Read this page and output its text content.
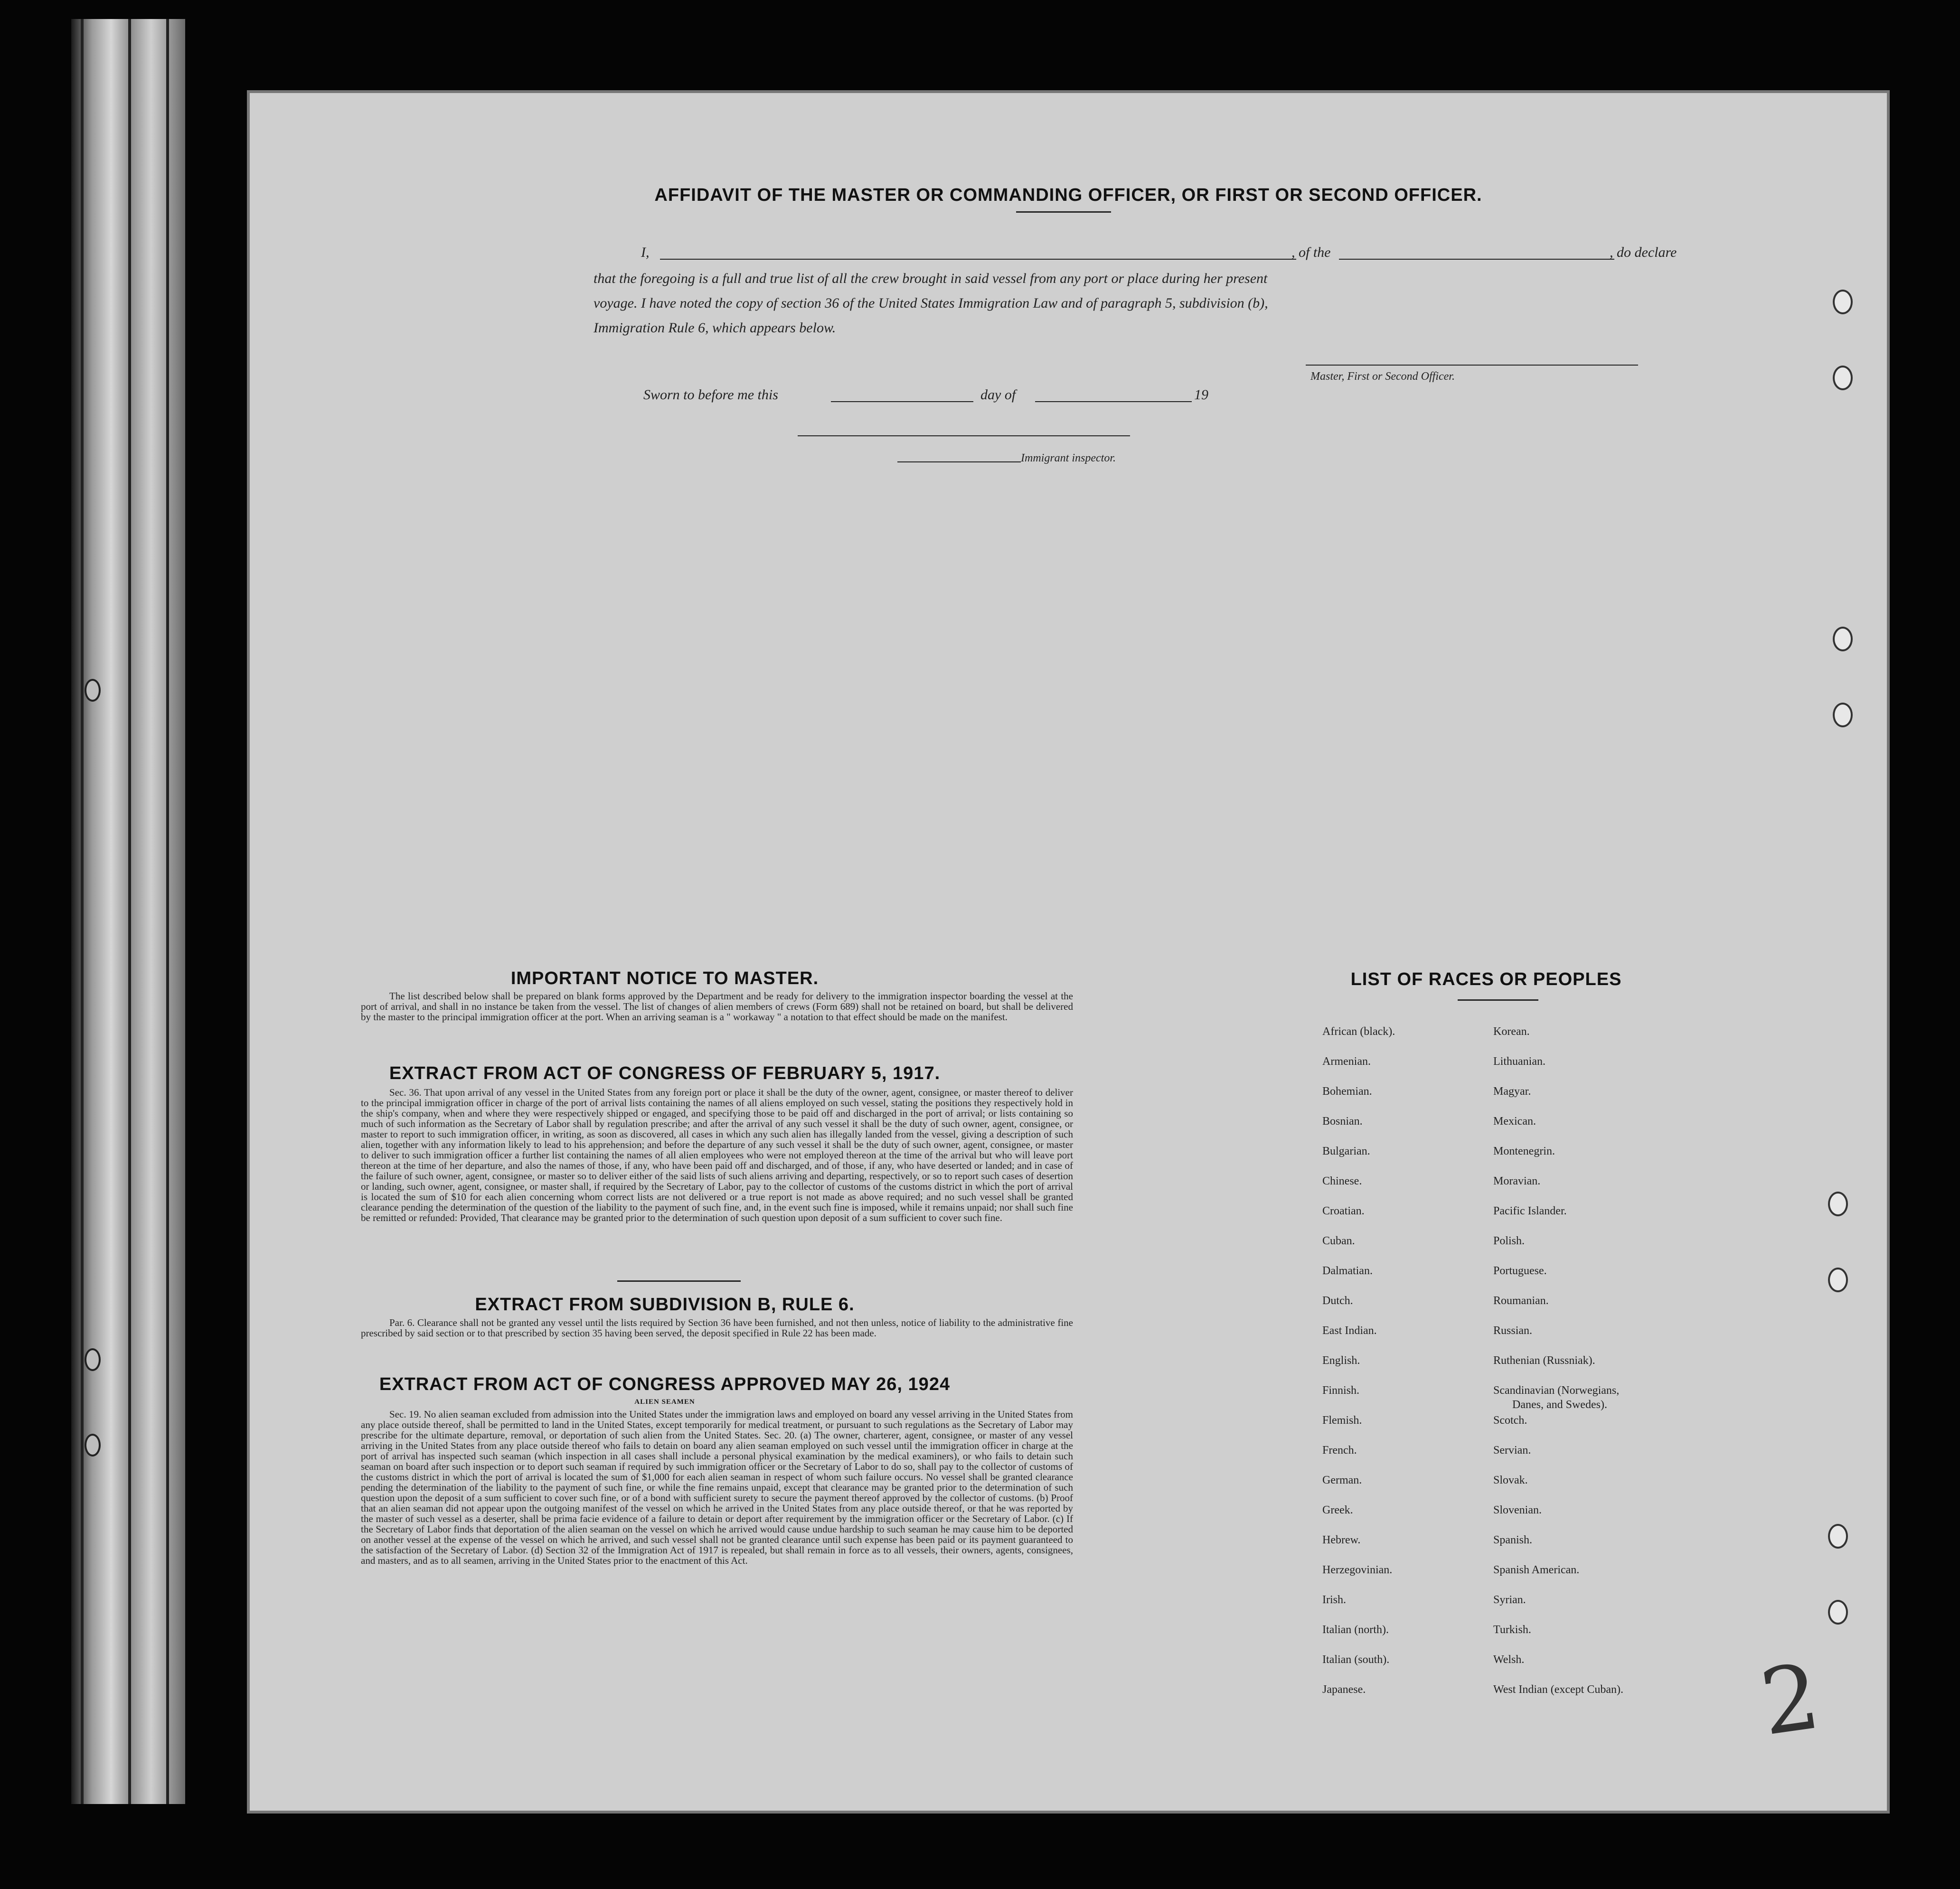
AFFIDAVIT OF THE MASTER OR COMMANDING OFFICER, OR FIRST OR SECOND OFFICER.
I,	, of the	, do declare
that the foregoing is a full and true list of all the crew brought in said vessel from any port or place during her present
voyage. I have noted the copy of section 36 of the United States Immigration Law and of paragraph 5, subdivision (b),
Immigration Rule 6, which appears below.
Master, First or Second Officer.
Sworn to before me this	day of	19
Immigrant inspector.
IMPORTANT NOTICE TO MASTER.
The list described below shall be prepared on blank forms approved by the Department and be ready for delivery to the immigration inspector boarding the vessel at the port of arrival, and shall in no instance be taken from the vessel. The list of changes of alien members of crews (Form 689) shall not be retained on board, but shall be delivered by the master to the principal immigration officer at the port. When an arriving seaman is a " workaway " a notation to that effect should be made on the manifest.
EXTRACT FROM ACT OF CONGRESS OF FEBRUARY 5, 1917.
Sec. 36. That upon arrival of any vessel in the United States from any foreign port or place it shall be the duty of the owner, agent, consignee, or master thereof to deliver to the principal immigration officer in charge of the port of arrival lists containing the names of all aliens employed on such vessel, stating the positions they respectively hold in the ship's company, when and where they were respectively shipped or engaged, and specifying those to be paid off and discharged in the port of arrival; or lists containing so much of such information as the Secretary of Labor shall by regulation prescribe; and after the arrival of any such vessel it shall be the duty of such owner, agent, consignee, or master to report to such immigration officer, in writing, as soon as discovered, all cases in which any such alien has illegally landed from the vessel, giving a description of such alien, together with any information likely to lead to his apprehension; and before the departure of any such vessel it shall be the duty of such owner, agent, consignee, or master to deliver to such immigration officer a further list containing the names of all alien employees who were not employed thereon at the time of the arrival but who will leave port thereon at the time of her departure, and also the names of those, if any, who have been paid off and discharged, and of those, if any, who have deserted or landed; and in case of the failure of such owner, agent, consignee, or master so to deliver either of the said lists of such aliens arriving and departing, respectively, or so to report such cases of desertion or landing, such owner, agent, consignee, or master shall, if required by the Secretary of Labor, pay to the collector of customs of the customs district in which the port of arrival is located the sum of $10 for each alien concerning whom correct lists are not delivered or a true report is not made as above required; and no such vessel shall be granted clearance pending the determination of the question of the liability to the payment of such fine, and, in the event such fine is imposed, while it remains unpaid; nor shall such fine be remitted or refunded: Provided, That clearance may be granted prior to the determination of such question upon deposit of a sum sufficient to cover such fine.
EXTRACT FROM SUBDIVISION B, RULE 6.
Par. 6. Clearance shall not be granted any vessel until the lists required by Section 36 have been furnished, and not then unless, notice of liability to the administrative fine prescribed by said section or to that prescribed by section 35 having been served, the deposit specified in Rule 22 has been made.
EXTRACT FROM ACT OF CONGRESS APPROVED MAY 26, 1924
ALIEN SEAMEN
Sec. 19. No alien seaman excluded from admission into the United States under the immigration laws and employed on board any vessel arriving in the United States from any place outside thereof, shall be permitted to land in the United States, except temporarily for medical treatment, or pursuant to such regulations as the Secretary of Labor may prescribe for the ultimate departure, removal, or deportation of such alien from the United States. Sec. 20. (a) The owner, charterer, agent, consignee, or master of any vessel arriving in the United States from any place outside thereof who fails to detain on board any alien seaman employed on such vessel until the immigration officer in charge at the port of arrival has inspected such seaman (which inspection in all cases shall include a personal physical examination by the medical examiners), or who fails to detain such seaman on board after such inspection or to deport such seaman if required by such immigration officer or the Secretary of Labor to do so, shall pay to the collector of customs of the customs district in which the port of arrival is located the sum of $1,000 for each alien seaman in respect of whom such failure occurs. No vessel shall be granted clearance pending the determination of the liability to the payment of such fine, or while the fine remains unpaid, except that clearance may be granted prior to the determination of such question upon the deposit of a sum sufficient to cover such fine, or of a bond with sufficient surety to secure the payment thereof approved by the collector of customs. (b) Proof that an alien seaman did not appear upon the outgoing manifest of the vessel on which he arrived in the United States from any place outside thereof, or that he was reported by the master of such vessel as a deserter, shall be prima facie evidence of a failure to detain or deport after requirement by the immigration officer or the Secretary of Labor. (c) If the Secretary of Labor finds that deportation of the alien seaman on the vessel on which he arrived would cause undue hardship to such seaman he may cause him to be deported on another vessel at the expense of the vessel on which he arrived, and such vessel shall not be granted clearance until such expense has been paid or its payment guaranteed to the satisfaction of the Secretary of Labor. (d) Section 32 of the Immigration Act of 1917 is repealed, but shall remain in force as to all vessels, their owners, agents, consignees, and masters, and as to all seamen, arriving in the United States prior to the enactment of this Act.
LIST OF RACES OR PEOPLES
African (black).
Armenian.
Bohemian.
Bosnian.
Bulgarian.
Chinese.
Croatian.
Cuban.
Dalmatian.
Dutch.
East Indian.
English.
Finnish.
Flemish.
French.
German.
Greek.
Hebrew.
Herzegovinian.
Irish.
Italian (north).
Italian (south).
Japanese.
Korean.
Lithuanian.
Magyar.
Mexican.
Montenegrin.
Moravian.
Pacific Islander.
Polish.
Portuguese.
Roumanian.
Russian.
Ruthenian (Russniak).
Scandinavian (Norwegians,
Danes, and Swedes).
Scotch.
Servian.
Slovak.
Slovenian.
Spanish.
Spanish American.
Syrian.
Turkish.
Welsh.
West Indian (except Cuban). 2
